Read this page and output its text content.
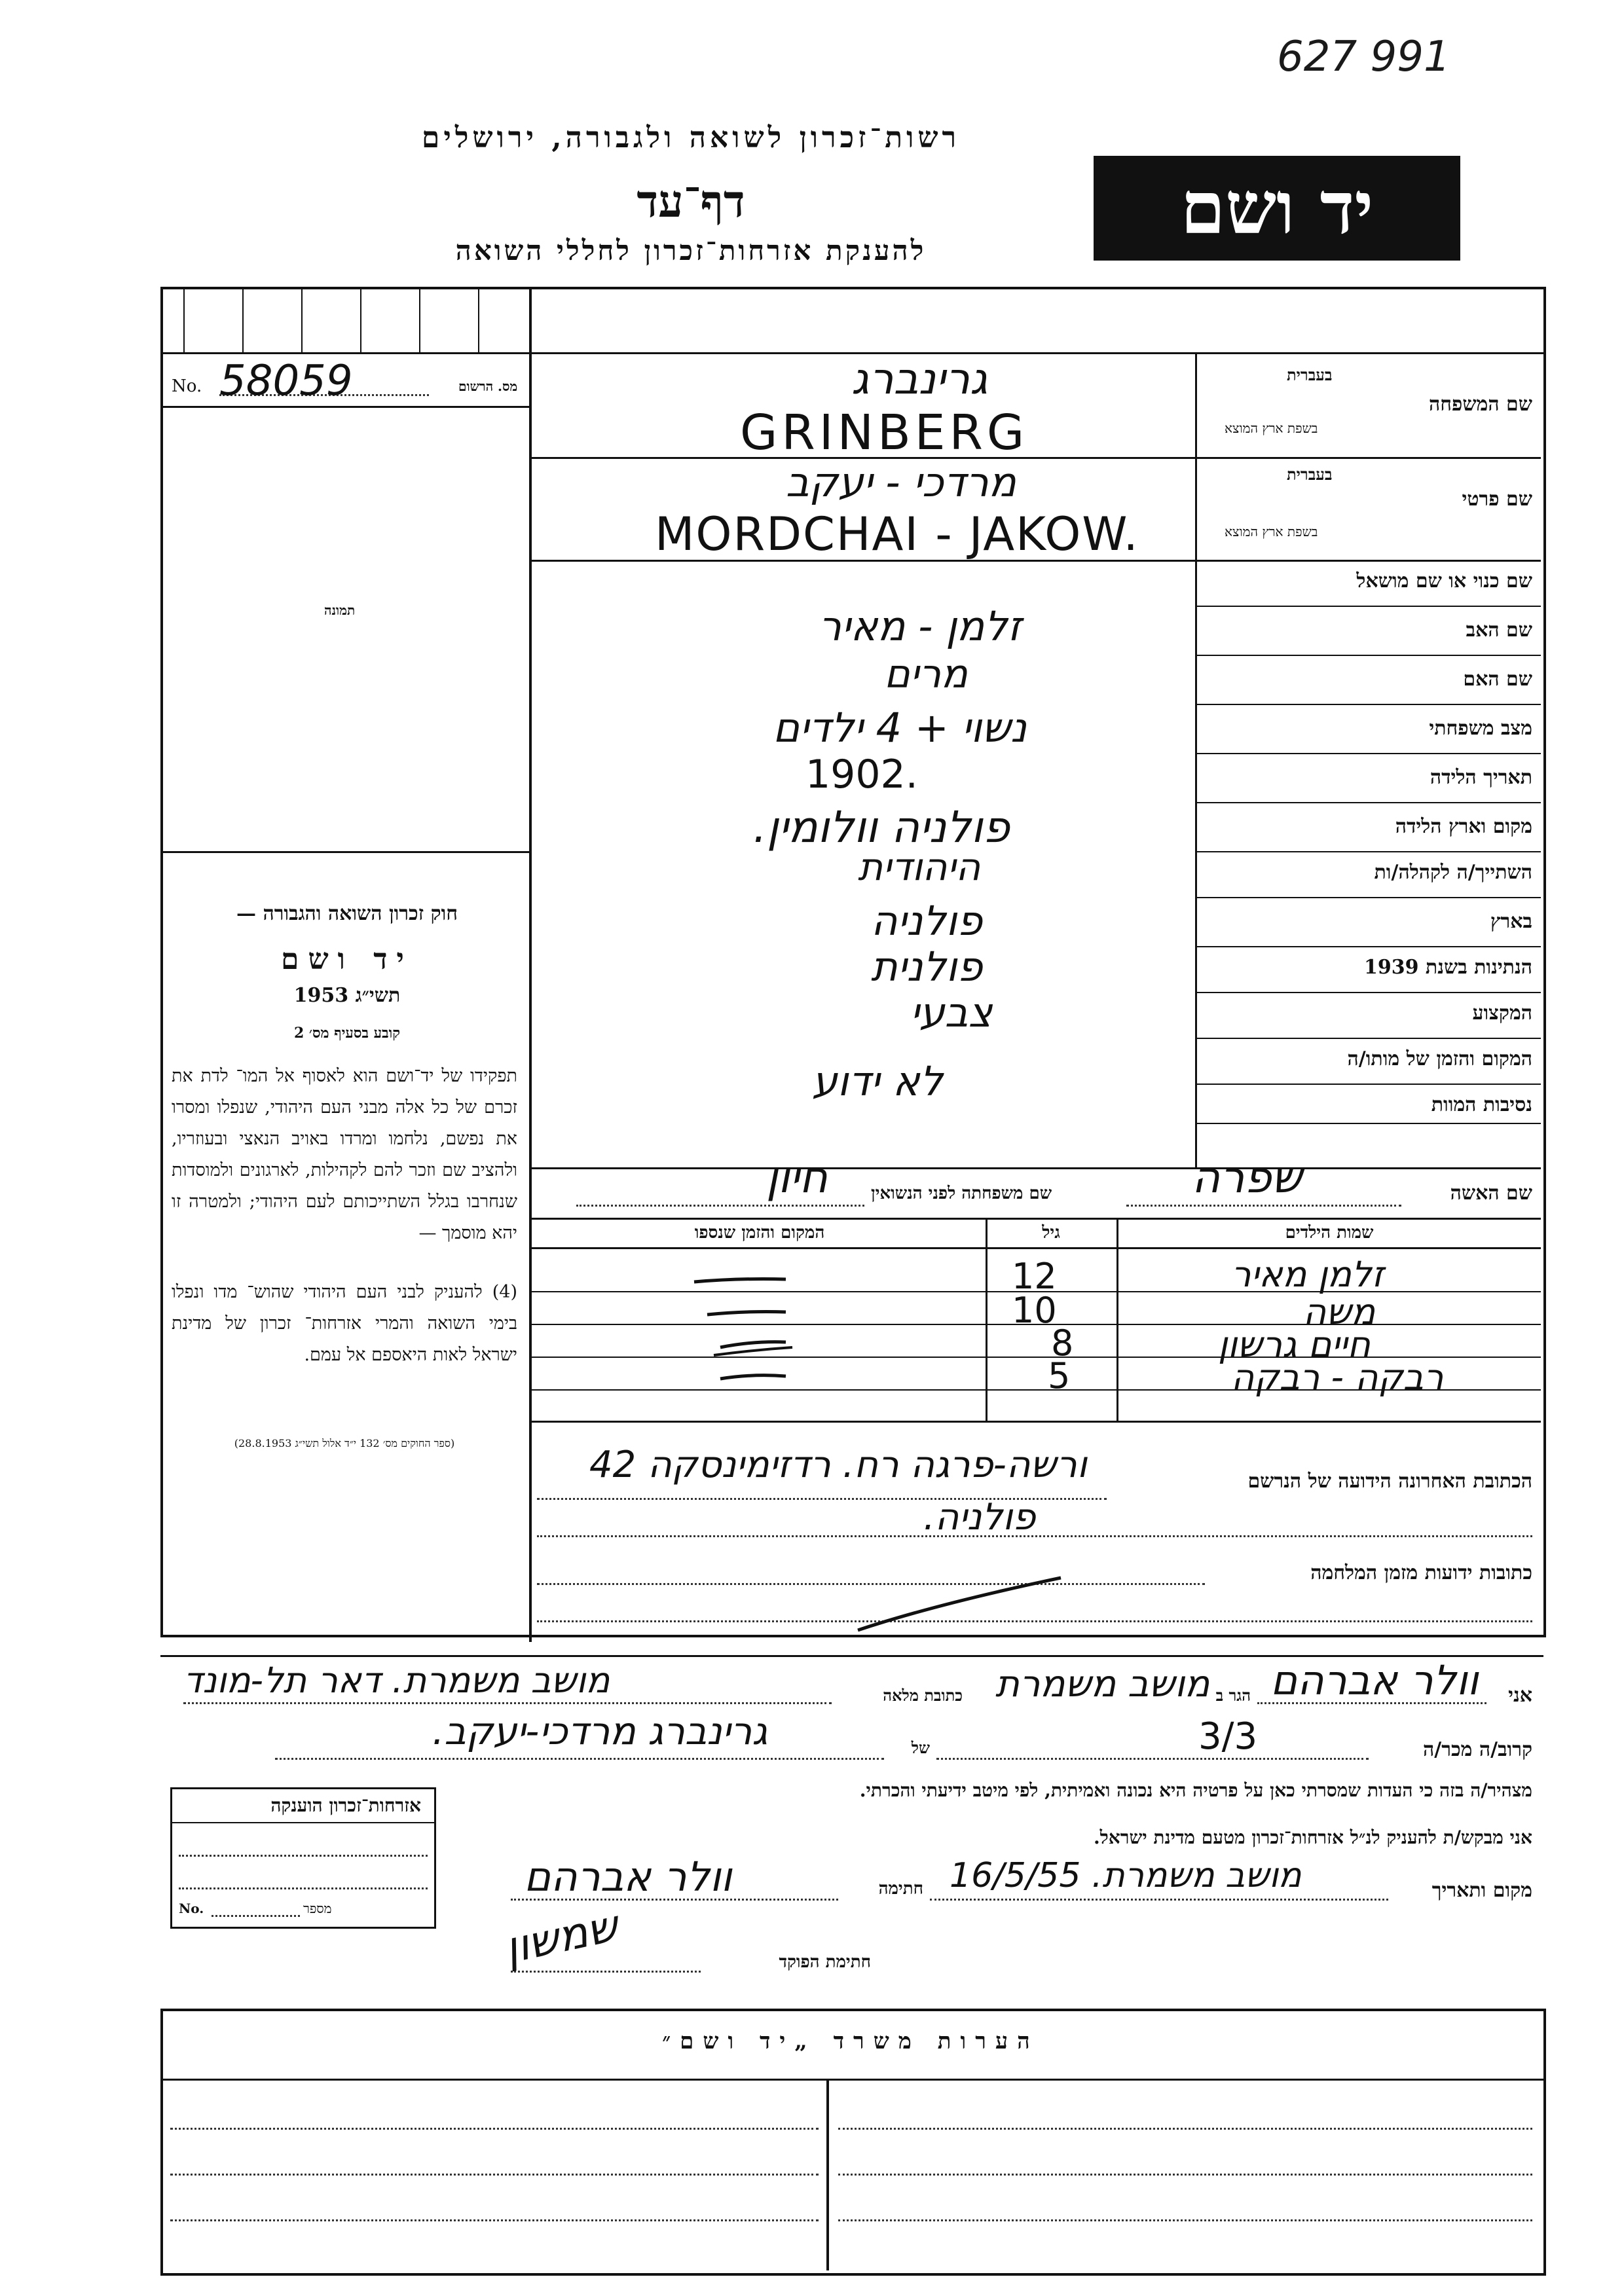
627 991
רשות־זכרון לשואה ולגבורה, ירושלים
דף־עד
להענקת אזרחות־זכרון לחללי השואה
יד ושם
מס. הרשום
No. 58059
תמונה
חוק זכרון השואה והגבורה —
יד ושם
תשי״ג 1953
קובע בסעיף מס׳ 2
תפקידו של יד־ושם הוא לאסוף אל המו־ לדת את זכרם של כל אלה מבני העם היהודי, שנפלו ומסרו את נפשם, נלחמו ומרדו באויב הנאצי ובעוזריו, ולהציב שם וזכר להם לקהילות, לארגונים ולמוסדות שנחרבו בגלל השתייכותם לעם היהודי; ולמטרה זו יהא מוסמך —
(4) להעניק לבני העם היהודי שהוש־ מדו ונפלו בימי השואה והמרי אזרחות־ זכרון של מדינת ישראל לאות היאספם אל עמם.
(ספר החוקים מס׳ 132 י״ד אלול תשי״ג 28.8.1953)
שם המשפחה
בעברית
בשפת ארץ המוצא
שם פרטי
בעברית
בשפת ארץ המוצא
שם כנוי או שם מושאל
שם האב
שם האם
מצב משפחתי
תאריך הלידה
מקום וארץ הלידה
השתייך/ה לקהלה/ות
בארץ
הנתינות בשנת 1939
המקצוע
המקום והזמן של מותו/ה
נסיבות המוות
גרינברג
GRINBERG
מרדכי - יעקב
MORDCHAI - JAKOW.
זלמן - מאיר
מרים
נשוי + 4 ילדים
1902.
פולניה וולומין.
היהודית
פולניה
פולנית
צבעי
לא ידוע
שם האשה
שפרה
שם משפחתה לפני הנשואין
חיון
שמות הילדים
גיל
המקום והזמן שנספו
זלמן מאיר
12
משה
10
חיים גרשון
8
רבקה - רבקה
5
הכתובת האחרונה הידועה של הנרשם
ורשה-פרגה רח. רדזימינסקה 42
פולניה.
כתובות ידועות מזמן המלחמה
אני
וולר אברהם
הגר ב
מושב משמרת
כתובת מלאה
מושב משמרת. דאר תל-מונד
קרוב/ה מכר/ה
3/3
של
גרינברג מרדכי-יעקב.
מצהיר/ה בזה כי העדות שמסרתי כאן על פרטיה היא נכונה ואמיתית, לפי מיטב ידיעתי והכרתי.
אני מבקש/ת להעניק לנ״ל אזרחות־זכרון מטעם מדינת ישראל.
מקום ותאריך
מושב משמרת. 16/5/55
חתימה
וולר אברהם
חתימת הפוקד
שמשון
אזרחות־זכרון הוענקה
No.	מספר
הערות משרד „יד ושם״
